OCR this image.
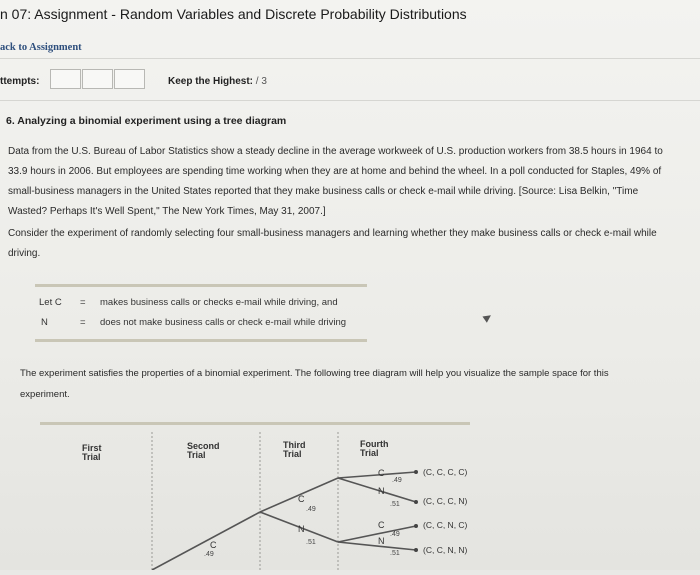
n 07: Assignment - Random Variables and Discrete Probability Distributions
ack to Assignment
ttempts:	Keep the Highest: / 3
6. Analyzing a binomial experiment using a tree diagram
Data from the U.S. Bureau of Labor Statistics show a steady decline in the average workweek of U.S. production workers from 38.5 hours in 1964 to
33.9 hours in 2006. But employees are spending time working when they are at home and behind the wheel. In a poll conducted for Staples, 49% of
small-business managers in the United States reported that they make business calls or check e-mail while driving. [Source: Lisa Belkin, "Time
Wasted? Perhaps It's Well Spent," The New York Times, May 31, 2007.]
Consider the experiment of randomly selecting four small-business managers and learning whether they make business calls or check e-mail while
driving.
Let C = makes business calls or checks e-mail while driving, and
N	= does not make business calls or check e-mail while driving	▶
The experiment satisfies the properties of a binomial experiment. The following tree diagram will help you visualize the sample space for this
experiment.
First Trial
Second Trial
Third Trial
Fourth Trial
C
.49
C
.49
N
.51
C
.49
N
.51
C
.49
N
.51
(C, C, C, C)
(C, C, C, N)
(C, C, N, C)
(C, C, N, N)
